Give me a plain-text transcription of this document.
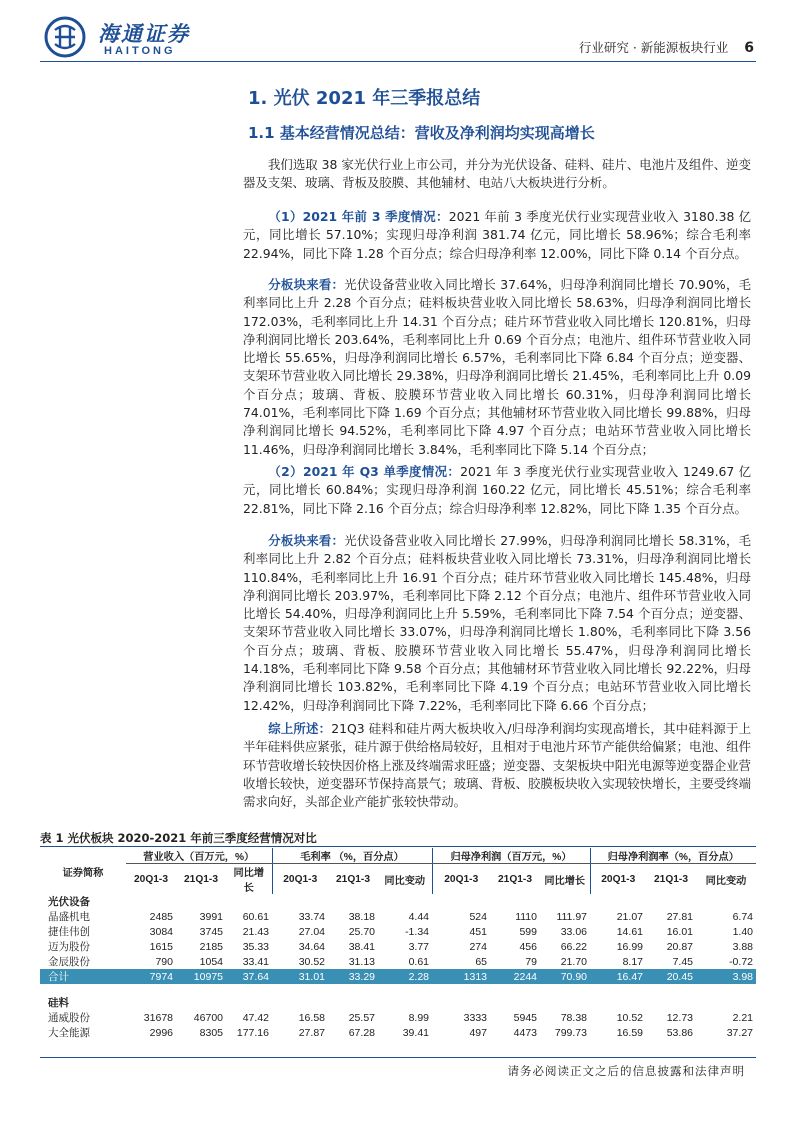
海通证券
HAITONG	行业研究 · 新能源板块行业 6
1. 光伏 2021 年三季报总结
1.1 基本经营情况总结：营收及净利润均实现高增长
我们选取 38 家光伏行业上市公司，并分为光伏设备、硅料、硅片、电池片及组件、逆变器及支架、玻璃、背板及胶膜、其他辅材、电站八大板块进行分析。
（1）2021 年前 3 季度情况：2021 年前 3 季度光伏行业实现营业收入 3180.38 亿元，同比增长 57.10%；实现归母净利润 381.74 亿元，同比增长 58.96%；综合毛利率 22.94%，同比下降 1.28 个百分点；综合归母净利率 12.00%，同比下降 0.14 个百分点。
分板块来看：光伏设备营业收入同比增长 37.64%，归母净利润同比增长 70.90%，毛利率同比上升 2.28 个百分点；硅料板块营业收入同比增长 58.63%，归母净利润同比增长 172.03%，毛利率同比上升 14.31 个百分点；硅片环节营业收入同比增长 120.81%，归母净利润同比增长 203.64%，毛利率同比上升 0.69 个百分点；电池片、组件环节营业收入同比增长 55.65%，归母净利润同比增长 6.57%，毛利率同比下降 6.84 个百分点；逆变器、支架环节营业收入同比增长 29.38%，归母净利润同比增长 21.45%，毛利率同比上升 0.09 个百分点；玻璃、背板、胶膜环节营业收入同比增长 60.31%，归母净利润同比增长 74.01%，毛利率同比下降 1.69 个百分点；其他辅材环节营业收入同比增长 99.88%，归母净利润同比增长 94.52%，毛利率同比下降 4.97 个百分点；电站环节营业收入同比增长 11.46%，归母净利润同比增长 3.84%，毛利率同比下降 5.14 个百分点；
（2）2021 年 Q3 单季度情况：2021 年 3 季度光伏行业实现营业收入 1249.67 亿元，同比增长 60.84%；实现归母净利润 160.22 亿元，同比增长 45.51%；综合毛利率 22.81%，同比下降 2.16 个百分点；综合归母净利率 12.82%，同比下降 1.35 个百分点。
分板块来看：光伏设备营业收入同比增长 27.99%，归母净利润同比增长 58.31%，毛利率同比上升 2.82 个百分点；硅料板块营业收入同比增长 73.31%，归母净利润同比增长 110.84%，毛利率同比上升 16.91 个百分点；硅片环节营业收入同比增长 145.48%，归母净利润同比增长 203.97%，毛利率同比下降 2.12 个百分点；电池片、组件环节营业收入同比增长 54.40%，归母净利润同比上升 5.59%，毛利率同比下降 7.54 个百分点；逆变器、支架环节营业收入同比增长 33.07%，归母净利润同比增长 1.80%，毛利率同比下降 3.56 个百分点；玻璃、背板、胶膜环节营业收入同比增长 55.47%，归母净利润同比增长 14.18%，毛利率同比下降 9.58 个百分点；其他辅材环节营业收入同比增长 92.22%，归母净利润同比增长 103.82%，毛利率同比下降 4.19 个百分点；电站环节营业收入同比增长 12.42%，归母净利润同比下降 7.22%，毛利率同比下降 6.66 个百分点；
综上所述：21Q3 硅料和硅片两大板块收入/归母净利润均实现高增长，其中硅料源于上半年硅料供应紧张，硅片源于供给格局较好，且相对于电池片环节产能供给偏紧；电池、组件环节营收增长较快因价格上涨及终端需求旺盛；逆变器、支架板块中阳光电源等逆变器企业营收增长较快，逆变器环节保持高景气；玻璃、背板、胶膜板块收入实现较快增长，主要受终端需求向好，头部企业产能扩张较快带动。
表 1 光伏板块 2020-2021 年前三季度经营情况对比
证券简称	营业收入（百万元，%）			毛利率 （%，百分点）			归母净利润（百万元，%）			归母净利润率（%，百分点）		
	20Q1-3	21Q1-3	同比增长	20Q1-3	21Q1-3	同比变动	20Q1-3	21Q1-3	同比增长	20Q1-3	21Q1-3	同比变动
光伏设备												
晶盛机电	2485	3991	60.61	33.74	38.18	4.44	524	1110	111.97	21.07	27.81	6.74
捷佳伟创	3084	3745	21.43	27.04	25.70	-1.34	451	599	33.06	14.61	16.01	1.40
迈为股份	1615	2185	35.33	34.64	38.41	3.77	274	456	66.22	16.99	20.87	3.88
金辰股份	790	1054	33.41	30.52	31.13	0.61	65	79	21.70	8.17	7.45	-0.72
合计	7974	10975	37.64	31.01	33.29	2.28	1313	2244	70.90	16.47	20.45	3.98
硅料												
通威股份	31678	46700	47.42	16.58	25.57	8.99	3333	5945	78.38	10.52	12.73	2.21
大全能源	2996	8305	177.16	27.87	67.28	39.41	497	4473	799.73	16.59	53.86	37.27
请务必阅读正文之后的信息披露和法律声明
